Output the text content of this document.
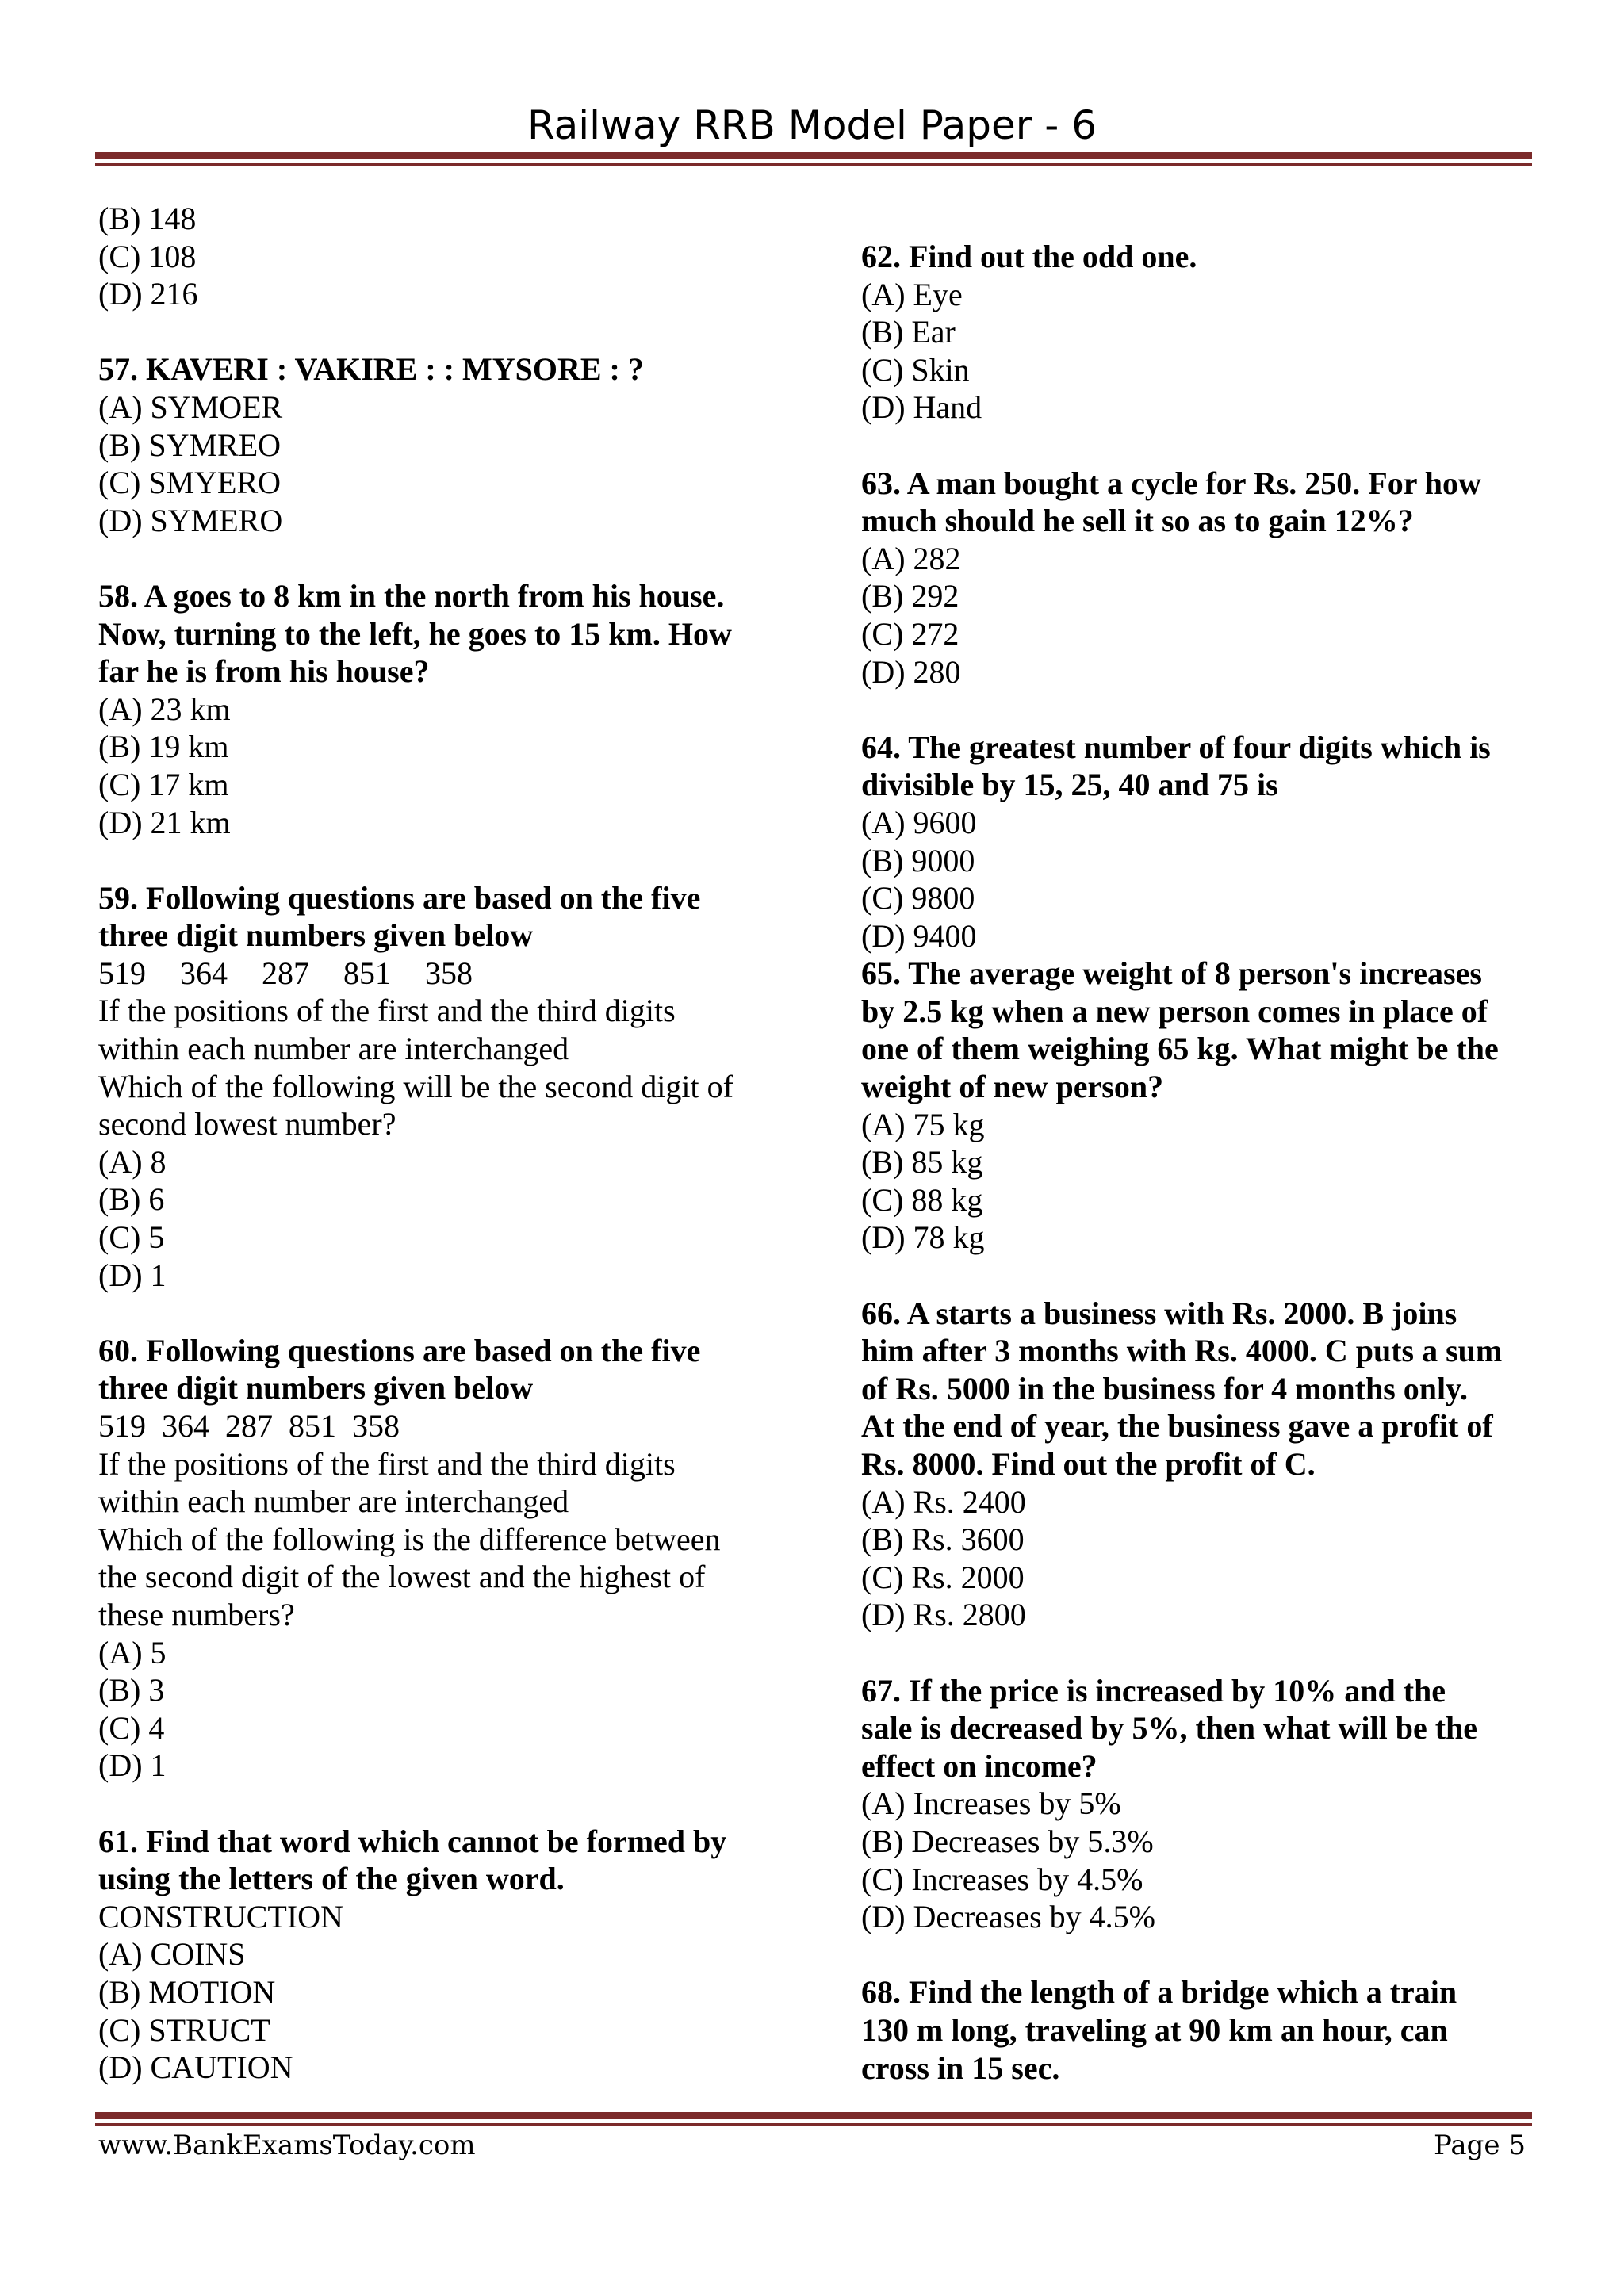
Railway RRB Model Paper - 6
(B) 148
(C) 108
(D) 216
57. KAVERI : VAKIRE : : MYSORE : ?
(A) SYMOER
(B) SYMREO
(C) SMYERO
(D) SYMERO
58. A goes to 8 km in the north from his house.
Now, turning to the left, he goes to 15 km. How
far he is from his house?
(A) 23 km
(B) 19 km
(C) 17 km
(D) 21 km
59. Following questions are based on the five
three digit numbers given below
519 364 287 851 358
If the positions of the first and the third digits
within each number are interchanged
Which of the following will be the second digit of
second lowest number?
(A) 8
(B) 6
(C) 5
(D) 1
60. Following questions are based on the five
three digit numbers given below
519  364  287  851  358
If the positions of the first and the third digits
within each number are interchanged
Which of the following is the difference between
the second digit of the lowest and the highest of
these numbers?
(A) 5
(B) 3
(C) 4
(D) 1
61. Find that word which cannot be formed by
using the letters of the given word.
CONSTRUCTION
(A) COINS
(B) MOTION
(C) STRUCT
(D) CAUTION
62. Find out the odd one.
(A) Eye
(B) Ear
(C) Skin
(D) Hand
63. A man bought a cycle for Rs. 250. For how
much should he sell it so as to gain 12%?
(A) 282
(B) 292
(C) 272
(D) 280
64. The greatest number of four digits which is
divisible by 15, 25, 40 and 75 is
(A) 9600
(B) 9000
(C) 9800
(D) 9400
65. The average weight of 8 person's increases
by 2.5 kg when a new person comes in place of
one of them weighing 65 kg. What might be the
weight of new person?
(A) 75 kg
(B) 85 kg
(C) 88 kg
(D) 78 kg
66. A starts a business with Rs. 2000. B joins
him after 3 months with Rs. 4000. C puts a sum
of Rs. 5000 in the business for 4 months only.
At the end of year, the business gave a profit of
Rs. 8000. Find out the profit of C.
(A) Rs. 2400
(B) Rs. 3600
(C) Rs. 2000
(D) Rs. 2800
67. If the price is increased by 10% and the
sale is decreased by 5%, then what will be the
effect on income?
(A) Increases by 5%
(B) Decreases by 5.3%
(C) Increases by 4.5%
(D) Decreases by 4.5%
68. Find the length of a bridge which a train
130 m long, traveling at 90 km an hour, can
cross in 15 sec.
www.BankExamsToday.com	Page 5
